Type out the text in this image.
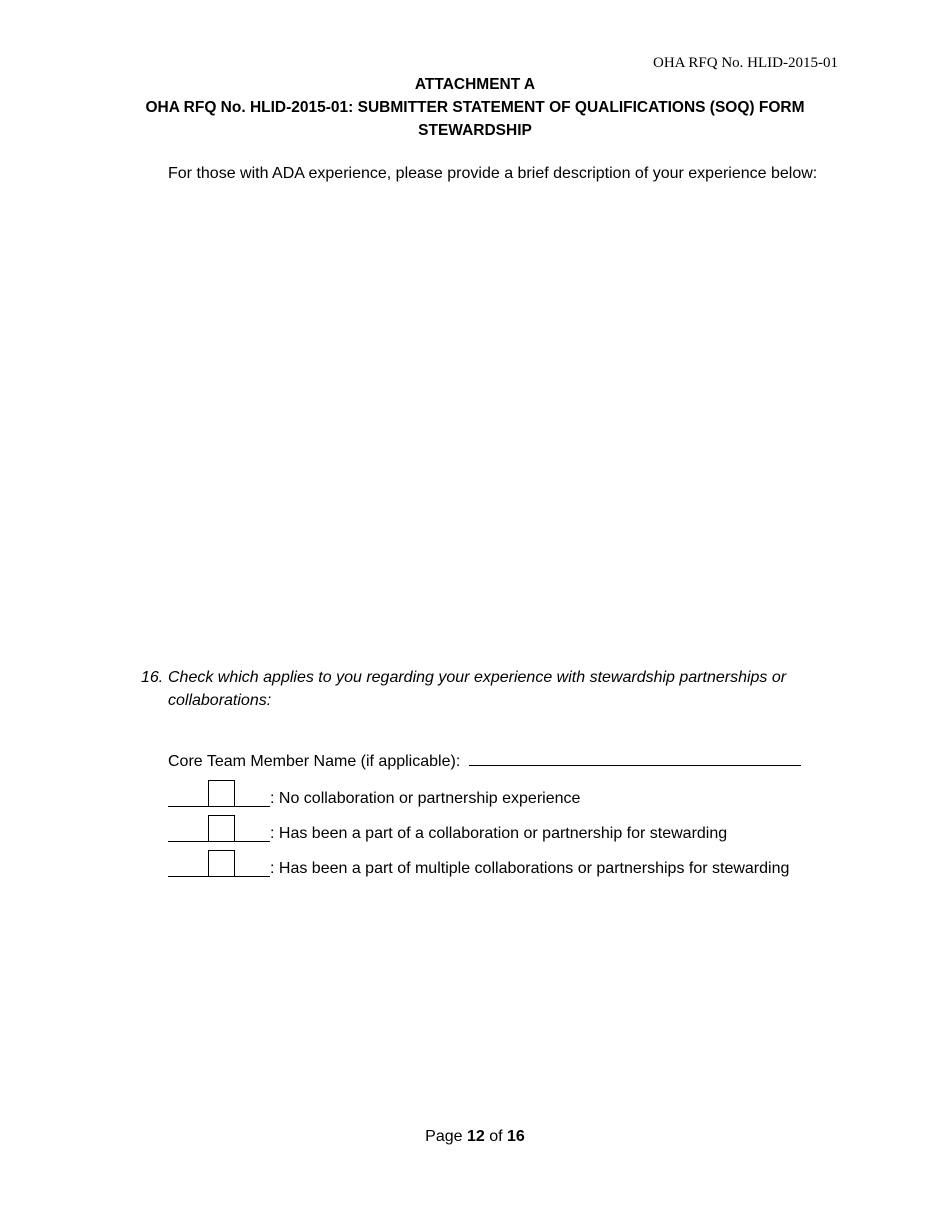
OHA RFQ No. HLID-2015-01
ATTACHMENT A
OHA RFQ No. HLID-2015-01: SUBMITTER STATEMENT OF QUALIFICATIONS (SOQ) FORM
STEWARDSHIP
For those with ADA experience, please provide a brief description of your experience below:
16. Check which applies to you regarding your experience with stewardship partnerships or collaborations:
Core Team Member Name (if applicable):
: No collaboration or partnership experience
: Has been a part of a collaboration or partnership for stewarding
: Has been a part of multiple collaborations or partnerships for stewarding
Page 12 of 16
